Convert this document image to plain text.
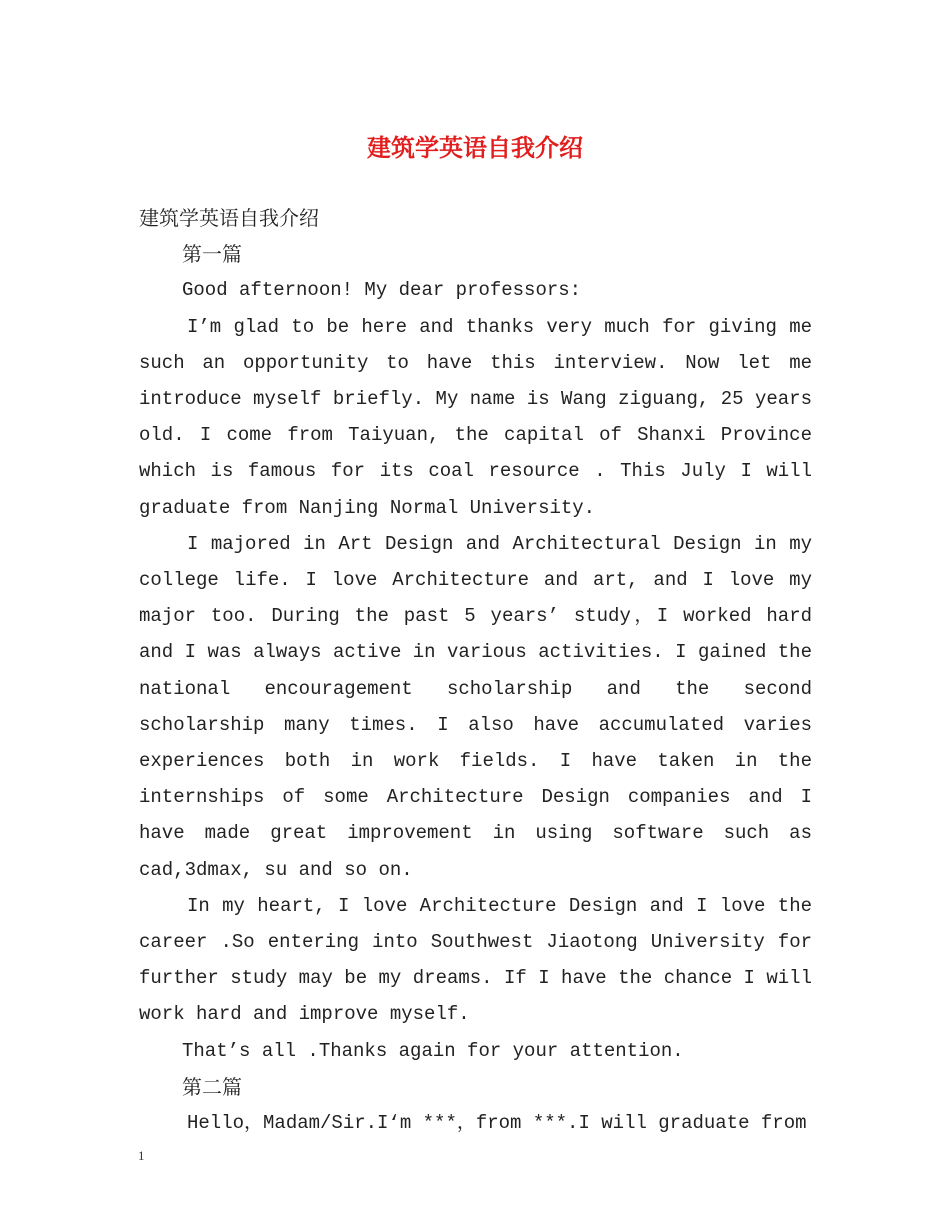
建筑学英语自我介绍

建筑学英语自我介绍

第一篇

Good afternoon! My dear professors:

I’m glad to be here and thanks very much for giving me such an opportunity to have this interview. Now let me introduce myself briefly. My name is Wang ziguang, 25 years old. I come from Taiyuan, the capital of Shanxi Province which is famous for its coal resource . This July I will graduate from Nanjing Normal University.

I majored in Art Design and Architectural Design in my college life. I love Architecture and art, and I love my major too. During the past 5 years’ study，I worked hard and I was always active in various activities. I gained the national encouragement scholarship and the second scholarship many times. I also have accumulated varies experiences both in work fields. I have taken in the internships of some Architecture Design companies and I have made great improvement in using software such as cad,3dmax, su and so on.

In my heart, I love Architecture Design and I love the career .So entering into Southwest Jiaotong University for further study may be my dreams. If I have the chance I will work hard and improve myself.

That’s all .Thanks again for your attention.

第二篇

Hello，Madam/Sir.I‘m ***，from ***.I will graduate from

1
